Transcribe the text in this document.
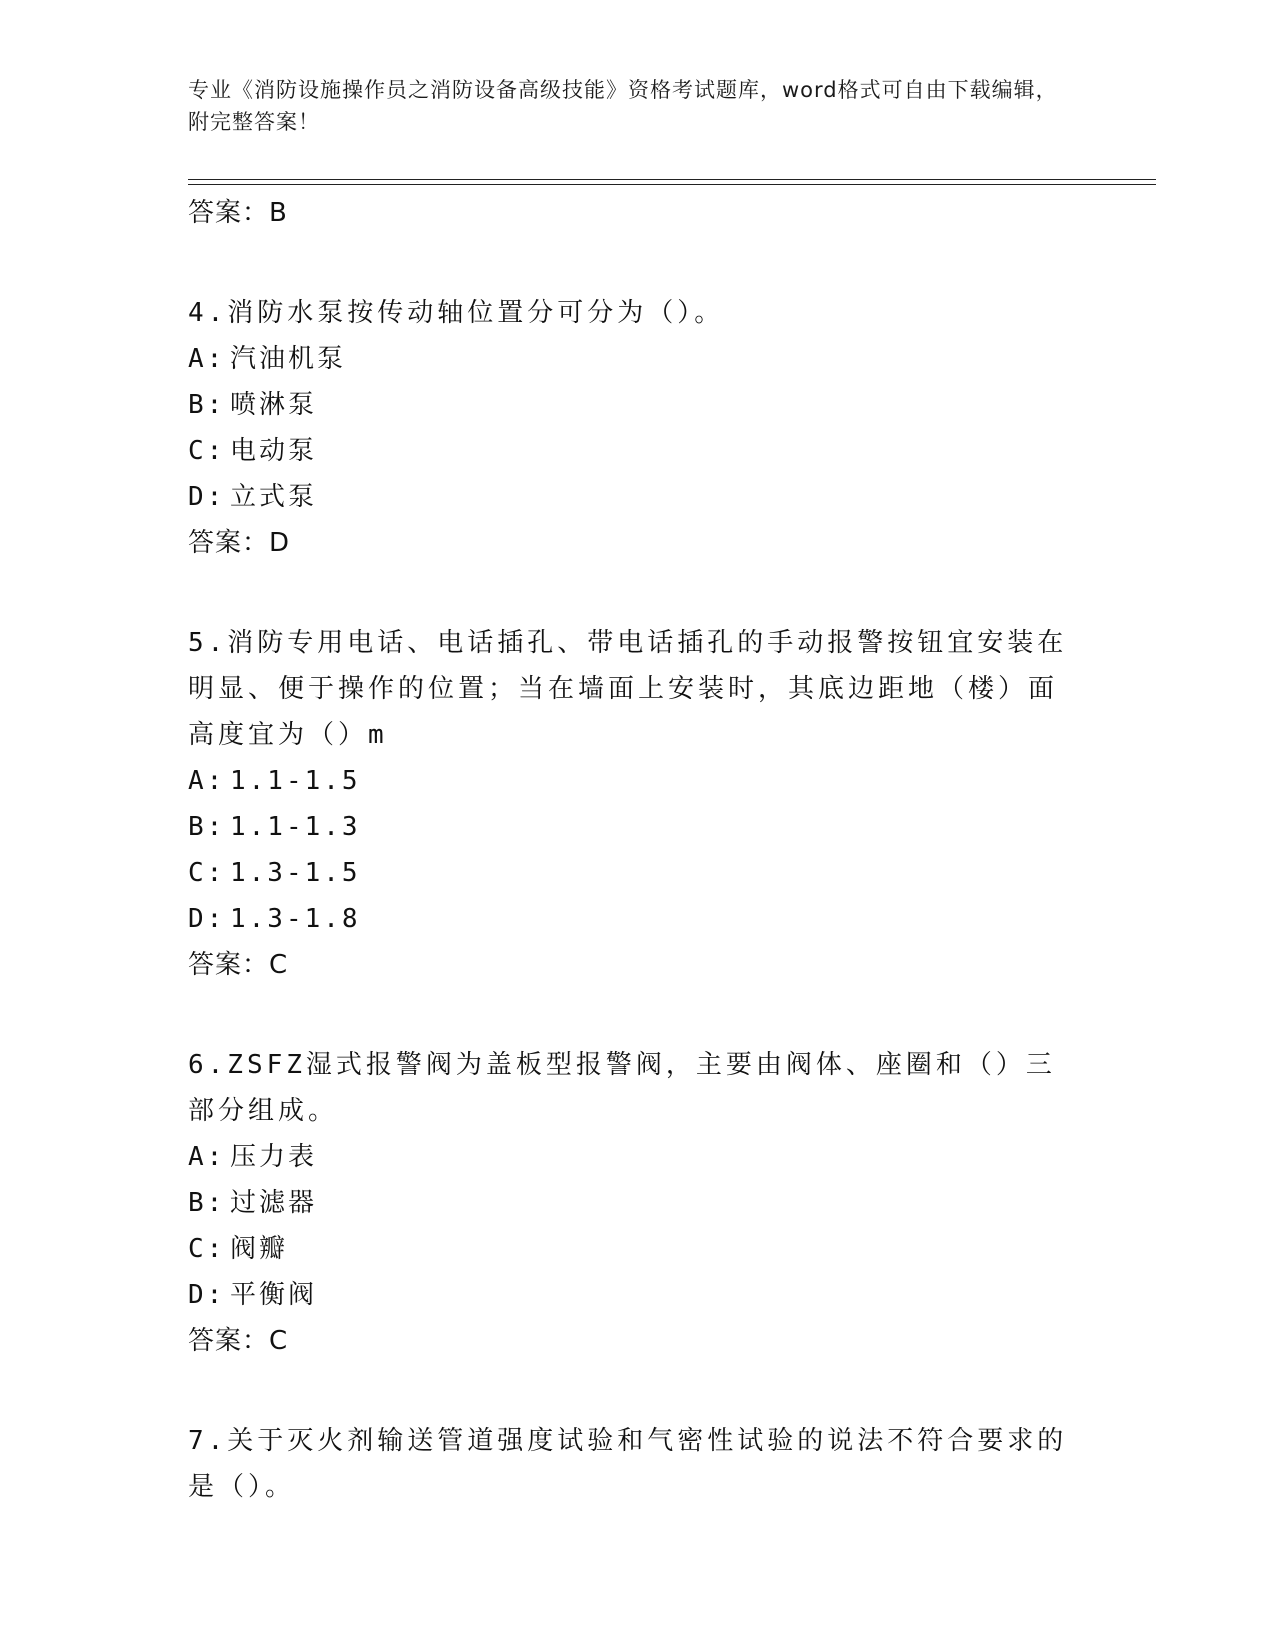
专业《消防设施操作员之消防设备高级技能》资格考试题库，word格式可自由下载编辑，附完整答案！
答案：B
4.消防水泵按传动轴位置分可分为（）。
A: 汽油机泵
B: 喷淋泵
C: 电动泵
D: 立式泵
答案：D
5.消防专用电话、电话插孔、带电话插孔的手动报警按钮宜安装在明显、便于操作的位置；当在墙面上安装时，其底边距地（楼）面高度宜为（）m
A: 1.1-1.5
B: 1.1-1.3
C: 1.3-1.5
D: 1.3-1.8
答案：C
6.ZSFZ湿式报警阀为盖板型报警阀，主要由阀体、座圈和（）三部分组成。
A: 压力表
B: 过滤器
C: 阀瓣
D: 平衡阀
答案：C
7.关于灭火剂输送管道强度试验和气密性试验的说法不符合要求的是（）。
